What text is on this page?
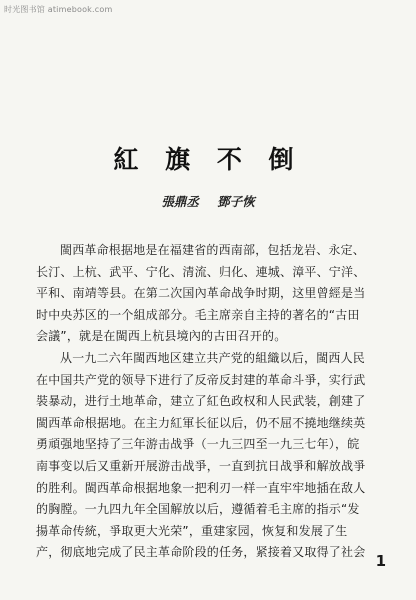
时光图书馆 atimebook.com
紅 旗 不 倒
張鼎丞 鄧子恢
閩西革命根据地是在福建省的西南部，包括龙岩、永定、
长汀、上杭、武平、宁化、清流、归化、連城、漳平、宁洋、
平和、南靖等县。在第二次国內革命战争时期，这里曾經是当
时中央苏区的一个組成部分。毛主席亲自主持的著名的“古田
会議”，就是在閩西上杭县境內的古田召开的。
从一九二六年閩西地区建立共产党的組織以后，閩西人民
在中国共产党的领导下进行了反帝反封建的革命斗爭，实行武
裝暴动，进行土地革命，建立了紅色政权和人民武装，創建了
閩西革命根据地。在主力紅軍长征以后，仍不屈不撓地继续英
勇頑强地坚持了三年游击战爭（一九三四至一九三七年），皖
南事变以后又重新开展游击战爭，一直到抗日战爭和解放战爭
的胜利。閩西革命根据地象一把利刃一样一直牢牢地插在敌人
的胸膛。一九四九年全国解放以后，遵循着毛主席的指示“发
揚革命传統，爭取更大光荣”，重建家园，恢复和发展了生
产，彻底地完成了民主革命阶段的任务，紧接着又取得了社会 1
